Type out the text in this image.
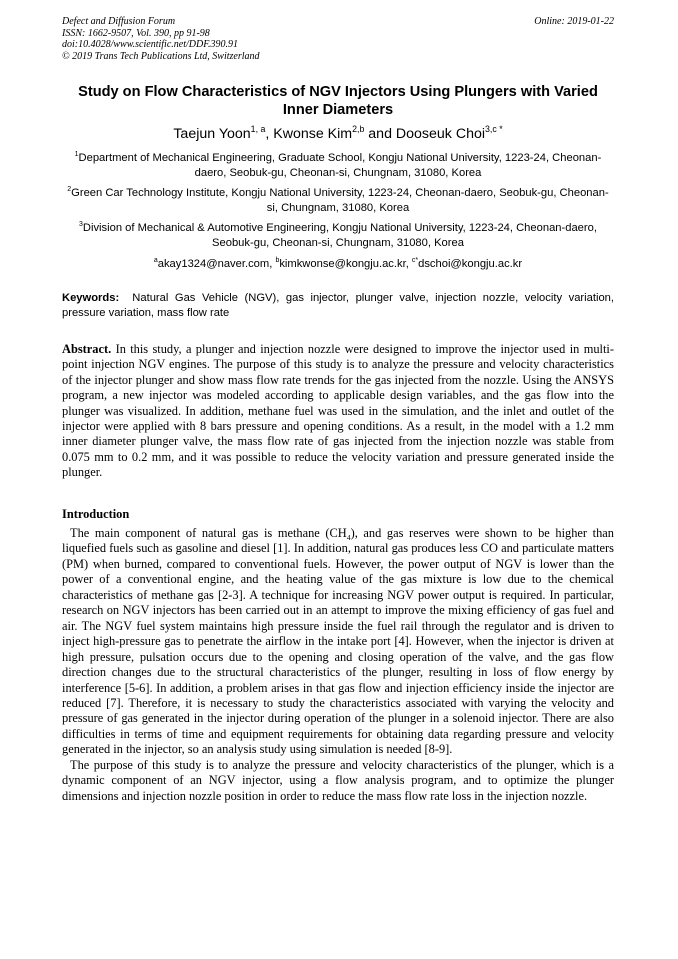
Defect and Diffusion Forum
ISSN: 1662-9507, Vol. 390, pp 91-98
doi:10.4028/www.scientific.net/DDF.390.91
© 2019 Trans Tech Publications Ltd, Switzerland
Online: 2019-01-22
Study on Flow Characteristics of NGV Injectors Using Plungers with Varied Inner Diameters
Taejun Yoon$^{1, a}$, Kwonse Kim$^{2,b}$ and Dooseuk Choi$^{3,c *}$
$^1$Department of Mechanical Engineering, Graduate School, Kongju National University, 1223-24, Cheonan-daero, Seobuk-gu, Cheonan-si, Chungnam, 31080, Korea
$^2$Green Car Technology Institute, Kongju National University, 1223-24, Cheonan-daero, Seobuk-gu, Cheonan-si, Chungnam, 31080, Korea
$^3$Division of Mechanical & Automotive Engineering, Kongju National University, 1223-24, Cheonan-daero, Seobuk-gu, Cheonan-si, Chungnam, 31080, Korea
$^a$akay1324@naver.com, $^b$kimkwonse@kongju.ac.kr, $^{c*}$dschoi@kongju.ac.kr
Keywords: Natural Gas Vehicle (NGV), gas injector, plunger valve, injection nozzle, velocity variation, pressure variation, mass flow rate
Abstract. In this study, a plunger and injection nozzle were designed to improve the injector used in multi-point injection NGV engines. The purpose of this study is to analyze the pressure and velocity characteristics of the injector plunger and show mass flow rate trends for the gas injected from the nozzle. Using the ANSYS program, a new injector was modeled according to applicable design variables, and the gas flow into the plunger was visualized. In addition, methane fuel was used in the simulation, and the inlet and outlet of the injector were applied with 8 bars pressure and opening conditions. As a result, in the model with a 1.2 mm inner diameter plunger valve, the mass flow rate of gas injected from the injection nozzle was stable from 0.075 mm to 0.2 mm, and it was possible to reduce the velocity variation and pressure generated inside the plunger.
Introduction

The main component of natural gas is methane $(CH_4)$, and gas reserves were shown to be higher than liquefied fuels such as gasoline and diesel [1]. In addition, natural gas produces less CO and particulate matters (PM) when burned, compared to conventional fuels. However, the power output of NGV is lower than the power of a conventional engine, and the heating value of the gas mixture is low due to the chemical characteristics of methane gas [2-3]. A technique for increasing NGV power output is required. In particular, research on NGV injectors has been carried out in an attempt to improve the mixing efficiency of gas fuel and air. The NGV fuel system maintains high pressure inside the fuel rail through the regulator and is driven to inject high-pressure gas to penetrate the airflow in the intake port [4]. However, when the injector is driven at high pressure, pulsation occurs due to the opening and closing operation of the valve, and the gas flow direction changes due to the structural characteristics of the plunger, resulting in loss of flow energy by interference [5-6]. In addition, a problem arises in that gas flow and injection efficiency inside the injector are reduced [7]. Therefore, it is necessary to study the characteristics associated with varying the velocity and pressure of gas generated in the injector during operation of the plunger in a solenoid injector. There are also difficulties in terms of time and equipment requirements for obtaining data regarding pressure and velocity generated in the injector, so an analysis study using simulation is needed [8-9].

The purpose of this study is to analyze the pressure and velocity characteristics of the plunger, which is a dynamic component of an NGV injector, using a flow analysis program, and to optimize the plunger dimensions and injection nozzle position in order to reduce the mass flow rate loss in the injection nozzle.
